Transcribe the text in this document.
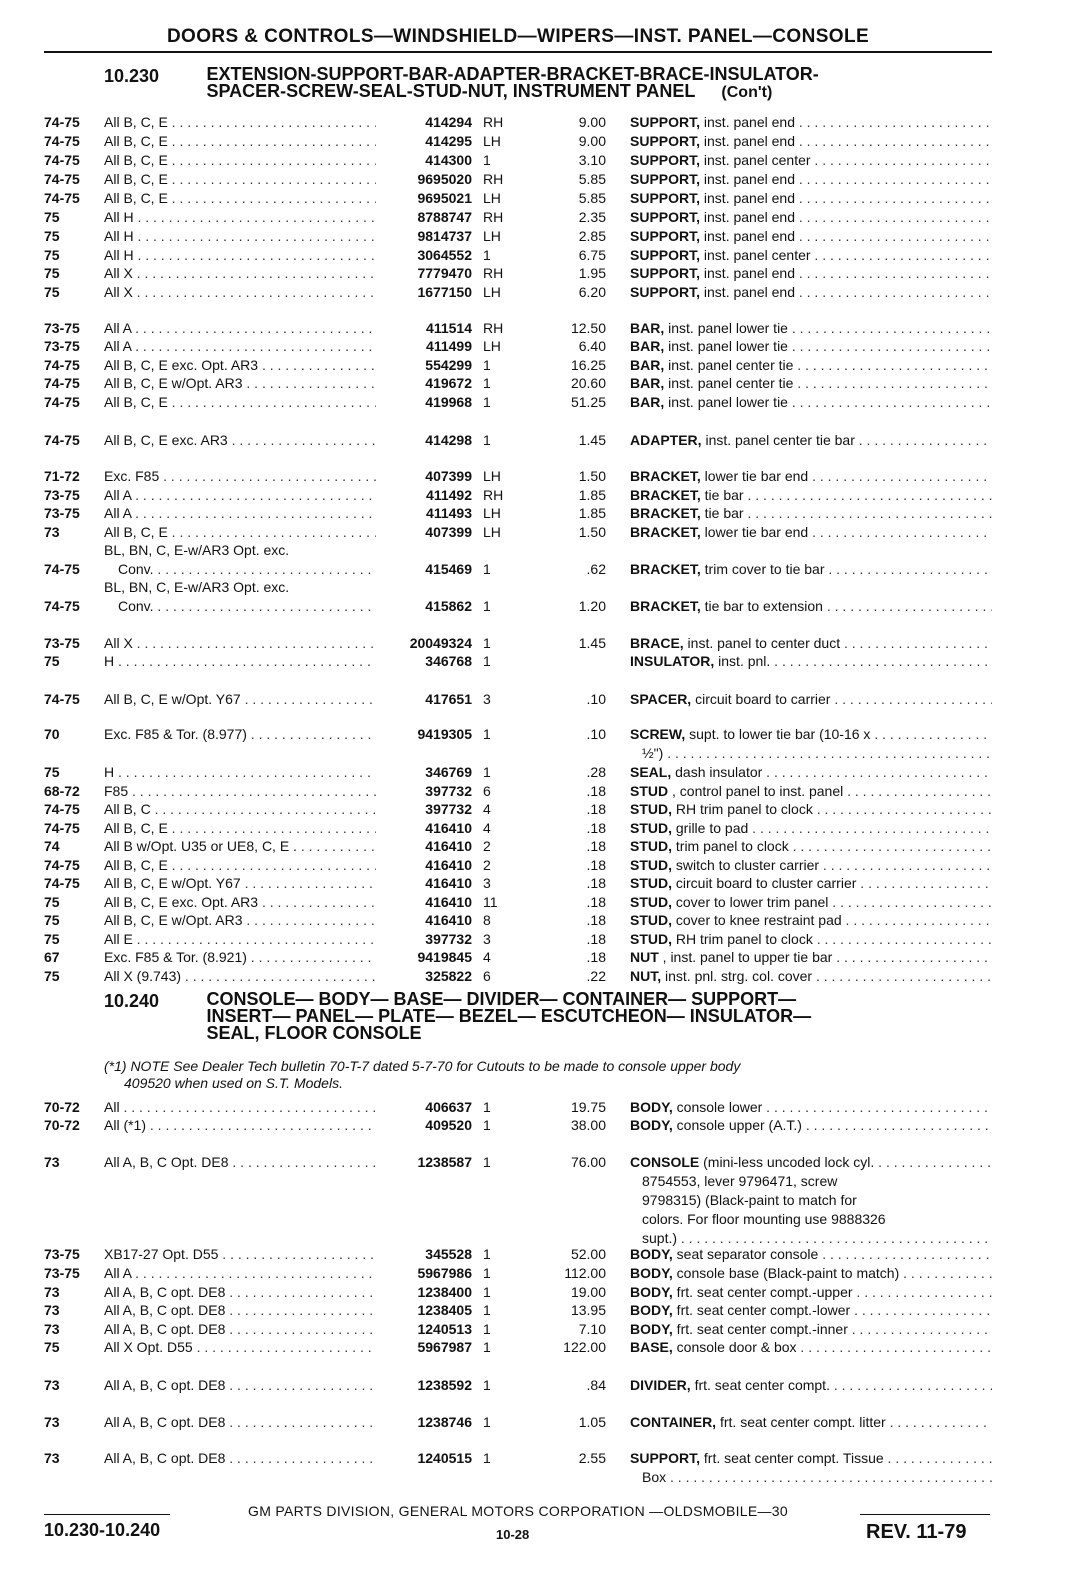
DOORS & CONTROLS—WINDSHIELD—WIPERS—INST. PANEL—CONSOLE
10.230	EXTENSION-SUPPORT-BAR-ADAPTER-BRACKET-BRACE-INSULATOR-
SPACER-SCREW-SEAL-STUD-NUT, INSTRUMENT PANEL (Con't)
10.240	CONSOLE— BODY— BASE— DIVIDER— CONTAINER— SUPPORT—
INSERT— PANEL— PLATE— BEZEL— ESCUTCHEON— INSULATOR—
SEAL, FLOOR CONSOLE
(*1) NOTE See Dealer Tech bulletin 70-T-7 dated 5-7-70 for Cutouts to be made to console upper body
409520 when used on S.T. Models.
74-75 All B, C, E . . .	414294 RH	9.00 SUPPORT, inst. panel end . . .
74-75 All B, C, E . . .	414295 LH	9.00 SUPPORT, inst. panel end . . .
74-75 All B, C, E . . .	414300 1	3.10 SUPPORT, inst. panel center . . .
74-75 All B, C, E . . .	9695020 RH	5.85 SUPPORT, inst. panel end . . .
74-75 All B, C, E . . .	9695021 LH	5.85 SUPPORT, inst. panel end . . .
75	All H . . .	8788747 RH	2.35 SUPPORT, inst. panel end . . .
75	All H . . .	9814737 LH	2.85 SUPPORT, inst. panel end . . .
75	All H . . .	3064552 1	6.75 SUPPORT, inst. panel center . . .
75	All X . . .	7779470 RH	1.95 SUPPORT, inst. panel end . . .
75	All X . . .	1677150 LH	6.20 SUPPORT, inst. panel end . . .
73-75 All A . . .	411514 RH	12.50 BAR, inst. panel lower tie . . .
73-75 All A . . .	411499 LH	6.40 BAR, inst. panel lower tie . . .
74-75 All B, C, E exc. Opt. AR3 . . .	554299 1	16.25 BAR, inst. panel center tie . . .
74-75 All B, C, E w/Opt. AR3 . . .	419672 1	20.60 BAR, inst. panel center tie . . .
74-75 All B, C, E . . .	419968 1	51.25 BAR, inst. panel lower tie . . .
74-75 All B, C, E exc. AR3 . . .	414298 1	1.45 ADAPTER, inst. panel center tie bar . . .
71-72 Exc. F85 . . .	407399 LH	1.50 BRACKET, lower tie bar end . . .
73-75 All A . . .	411492 RH	1.85 BRACKET, tie bar . . .
73-75 All A . . .	411493 LH	1.85 BRACKET, tie bar . . .
73	All B, C, E . . .	407399 LH	1.50 BRACKET, lower tie bar end . . .
BL, BN, C, E-w/AR3 Opt. exc.
74-75	Conv. . . .	415469 1	.62 BRACKET, trim cover to tie bar . . .
BL, BN, C, E-w/AR3 Opt. exc.
74-75	Conv. . . .	415862 1	1.20 BRACKET, tie bar to extension . . .
73-75 All X . . .	20049324 1	1.45 BRACE, inst. panel to center duct . . .
75	H . . .	346768 1	INSULATOR, inst. pnl. . . .
74-75 All B, C, E w/Opt. Y67 . . .	417651 3	.10 SPACER, circuit board to carrier . . .
70	Exc. F85 & Tor. (8.977) . . .	9419305 1	.10 SCREW, supt. to lower tie bar (10-16 x . . .
½") . . .
75	H . . .	346769 1	.28 SEAL, dash insulator . . .
68-72 F85 . . .	397732 6	.18 STUD , control panel to inst. panel . . .
74-75 All B, C . . .	397732 4	.18 STUD, RH trim panel to clock . . .
74-75 All B, C, E . . .	416410 4	.18 STUD, grille to pad . . .
74	All B w/Opt. U35 or UE8, C, E . . . .	416410 2	.18 STUD, trim panel to clock . . .
74-75 All B, C, E . . .	416410 2	.18 STUD, switch to cluster carrier . . .
74-75 All B, C, E w/Opt. Y67 . . .	416410 3	.18 STUD, circuit board to cluster carrier . . .
75	All B, C, E exc. Opt. AR3 . . .	416410 11	.18 STUD, cover to lower trim panel . . .
75	All B, C, E w/Opt. AR3 . . .	416410 8	.18 STUD, cover to knee restraint pad . . .
75	All E . . .	397732 3	.18 STUD, RH trim panel to clock . . .
67	Exc. F85 & Tor. (8.921) . . .	9419845 4	.18 NUT , inst. panel to upper tie bar . . .
75	All X (9.743) . . .	325822 6	.22 NUT, inst. pnl. strg. col. cover . . .
70-72 All . . .	406637 1	19.75 BODY, console lower . . .
70-72 All (*1) . . .	409520 1	38.00 BODY, console upper (A.T.) . . .
73	All A, B, C Opt. DE8 . . .	1238587 1	76.00 CONSOLE (mini-less uncoded lock cyl. . . .
8754553, lever 9796471, screw
9798315) (Black-paint to match for
colors. For floor mounting use 9888326
supt.) . . .
73-75 XB17-27 Opt. D55 . . .	345528 1	52.00 BODY, seat separator console . . .
73-75 All A . . .	5967986 1	112.00 BODY, console base (Black-paint to match) . . .
73	All A, B, C opt. DE8 . . .	1238400 1	19.00 BODY, frt. seat center compt.-upper . . .
73	All A, B, C opt. DE8 . . .	1238405 1	13.95 BODY, frt. seat center compt.-lower . . .
73	All A, B, C opt. DE8 . . .	1240513 1	7.10 BODY, frt. seat center compt.-inner . . .
75	All X Opt. D55 . . .	5967987 1	122.00 BASE, console door & box . . .
73	All A, B, C opt. DE8 . . .	1238592 1	.84 DIVIDER, frt. seat center compt. . . .
73	All A, B, C opt. DE8 . . .	1238746 1	1.05 CONTAINER, frt. seat center compt. litter . . .
73	All A, B, C opt. DE8 . . .	1240515 1	2.55 SUPPORT, frt. seat center compt. Tissue . . .
Box . . .
GM PARTS DIVISION, GENERAL MOTORS CORPORATION —OLDSMOBILE—30
10.230-10.240	10-28	REV. 11-79
